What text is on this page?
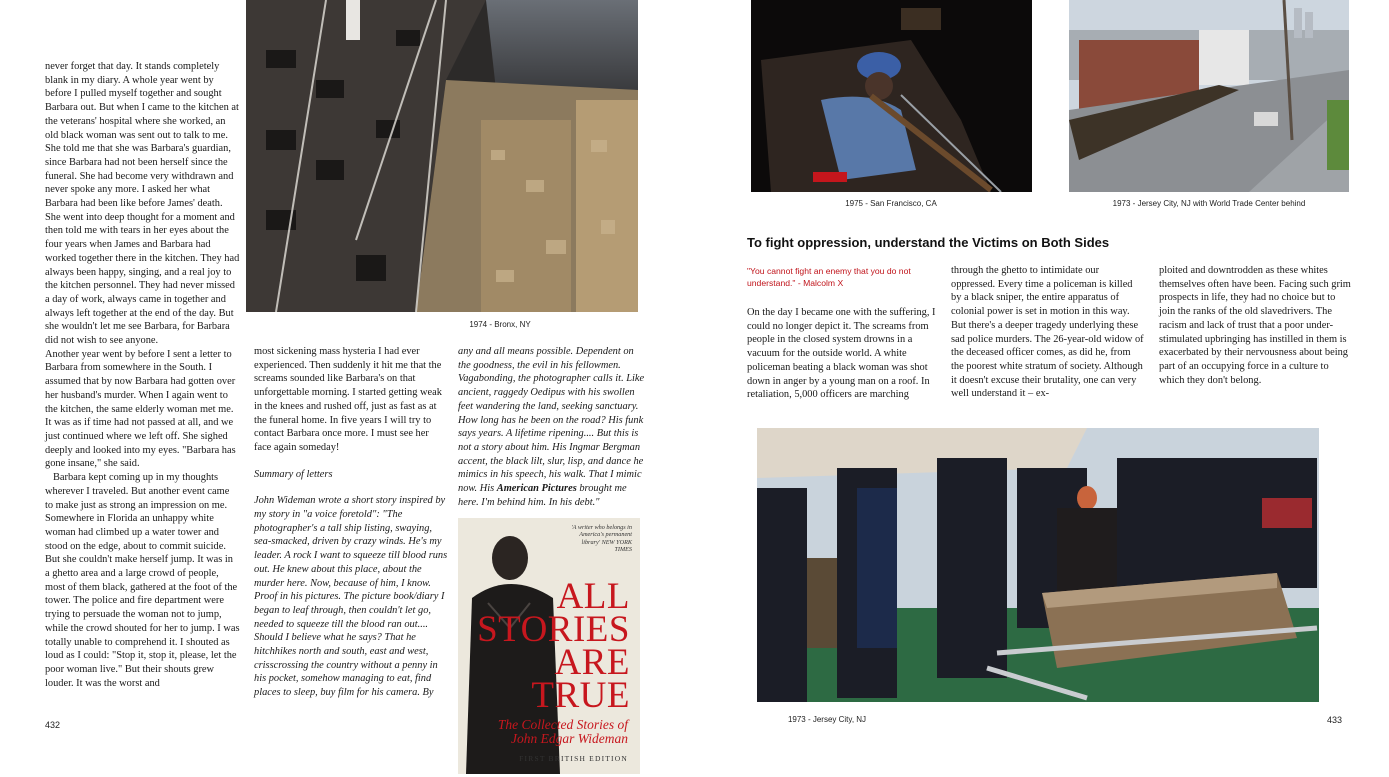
never forget that day. It stands completely blank in my diary. A whole year went by before I pulled myself together and sought Barbara out. But when I came to the kitchen at the veterans' hospital where she worked, an old black woman was sent out to talk to me. She told me that she was Barbara's guardian, since Barbara had not been herself since the funeral. She had become very withdrawn and never spoke any more. I asked her what Barbara had been like before James' death. She went into deep thought for a moment and then told me with tears in her eyes about the four years when James and Barbara had worked together there in the kitchen. They had always been happy, singing, and a real joy to the kitchen personnel. They had never missed a day of work, always came in together and always left together at the end of the day. But she wouldn't let me see Barbara, for Barbara did not wish to see anyone.

Another year went by before I sent a letter to Barbara from somewhere in the South. I assumed that by now Barbara had gotten over her husband's murder. When I again went to the kitchen, the same elderly woman met me. It was as if time had not passed at all, and we just continued where we left off. She sighed deeply and looked into my eyes. "Barbara has gone insane," she said.

Barbara kept coming up in my thoughts wherever I traveled. But another event came to make just as strong an impression on me. Somewhere in Florida an unhappy white woman had climbed up a water tower and stood on the edge, about to commit suicide. But she couldn't make herself jump. It was in a ghetto area and a large crowd of people, most of them black, gathered at the foot of the tower. The police and fire department were trying to persuade the woman not to jump, while the crowd shouted for her to jump. I was totally unable to comprehend it. I shouted as loud as I could: "Stop it, stop it, please, let the poor woman live." But their shouts grew louder. It was the worst and

1974 - Bronx, NY

most sickening mass hysteria I had ever experienced. Then suddenly it hit me that the screams sounded like Barbara's on that unforgettable morning. I started getting weak in the knees and rushed off, just as fast as at the funeral home. In five years I will try to contact Barbara once more. I must see her face again someday!

Summary of letters

John Wideman wrote a short story inspired by my story in "a voice foretold": "The photographer's a tall ship listing, swaying, sea-smacked, driven by crazy winds. He's my leader. A rock I want to squeeze till blood runs out. He knew about this place, about the murder here. Now, because of him, I know. Proof in his pictures. The picture book/diary I began to leaf through, then couldn't let go, needed to squeeze till the blood ran out.... Should I believe what he says? That he hitchhikes north and south, east and west, crisscrossing the country without a penny in his pocket, somehow managing to eat, find places to sleep, buy film for his camera. By

any and all means possible. Dependent on the goodness, the evil in his fellowmen. Vagabonding, the photographer calls it. Like ancient, raggedy Oedipus with his swollen feet wandering the land, seeking sanctuary. How long has he been on the road? His funk says years. A lifetime ripening.... But this is not a story about him. His Ingmar Bergman accent, the black lilt, slur, lisp, and dance he mimics in his speech, his walk. That I mimic now. His American Pictures brought me here. I'm behind him. In his debt."

'A writer who belongs in America's permanent library' NEW YORK TIMES
ALL
STORIES
ARE TRUE
The Collected Stories of
John Edgar Wideman
FIRST BRITISH EDITION
432
1975 - San Francisco, CA	1973 - Jersey City, NJ with World Trade Center behind
To fight oppression, understand the Victims on Both Sides
"You cannot fight an enemy that you do not understand." - Malcolm X
On the day I became one with the suffering, I could no longer depict it. The screams from people in the closed system drowns in a vacuum for the outside world. A white policeman beating a black woman was shot down in anger by a young man on a roof. In retaliation, 5,000 officers are marching
through the ghetto to intimidate our oppressed. Every time a policeman is killed by a black sniper, the entire apparatus of colonial power is set in motion in this way. But there's a deeper tragedy underlying these sad police murders. The 26-year-old widow of the deceased officer comes, as did he, from the poorest white stratum of society. Although it doesn't excuse their brutality, one can very well understand it – ex-
ploited and downtrodden as these whites themselves often have been. Facing such grim prospects in life, they had no choice but to join the ranks of the old slavedrivers. The racism and lack of trust that a poor under-stimulated upbringing has instilled in them is exacerbated by their nervousness about being part of an occupying force in a culture to which they don't belong.
1973 - Jersey City, NJ	433
